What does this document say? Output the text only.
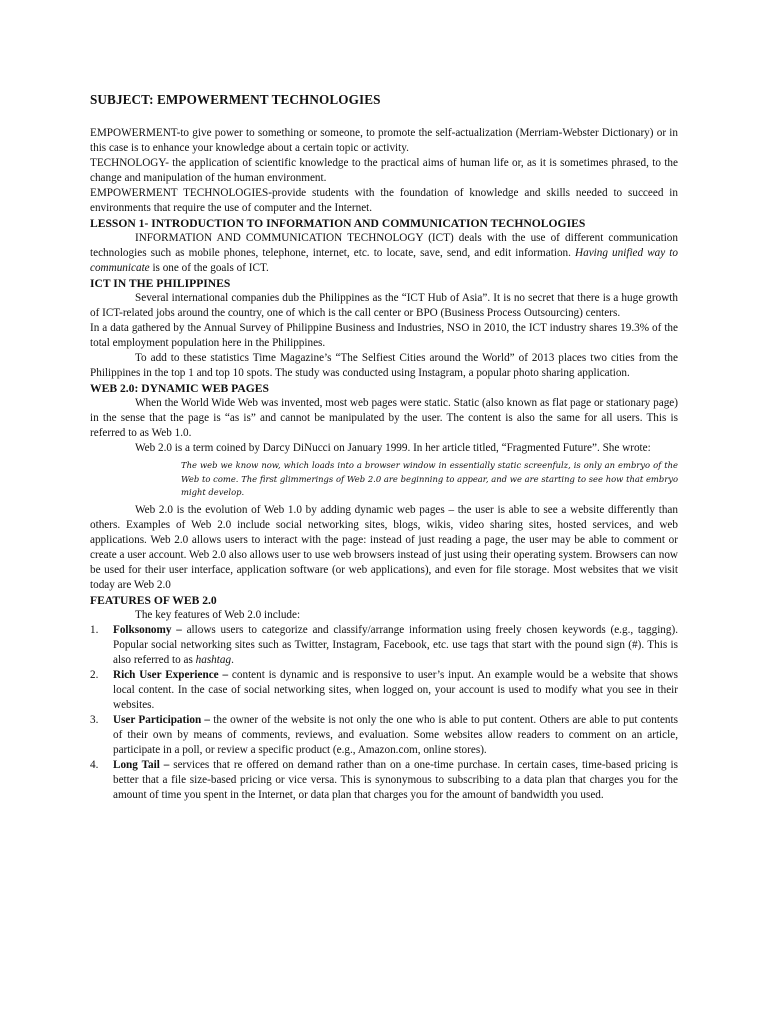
SUBJECT: EMPOWERMENT TECHNOLOGIES

EMPOWERMENT-to give power to something or someone, to promote the self-actualization (Merriam-Webster Dictionary) or in this case is to enhance your knowledge about a certain topic or activity.

TECHNOLOGY- the application of scientific knowledge to the practical aims of human life or, as it is sometimes phrased, to the change and manipulation of the human environment.

EMPOWERMENT TECHNOLOGIES-provide students with the foundation of knowledge and skills needed to succeed in environments that require the use of computer and the Internet.

LESSON 1- INTRODUCTION TO INFORMATION AND COMMUNICATION TECHNOLOGIES

INFORMATION AND COMMUNICATION TECHNOLOGY (ICT) deals with the use of different communication technologies such as mobile phones, telephone, internet, etc. to locate, save, send, and edit information. Having unified way to communicate is one of the goals of ICT.

ICT IN THE PHILIPPINES

Several international companies dub the Philippines as the “ICT Hub of Asia”. It is no secret that there is a huge growth of ICT-related jobs around the country, one of which is the call center or BPO (Business Process Outsourcing) centers.

In a data gathered by the Annual Survey of Philippine Business and Industries, NSO in 2010, the ICT industry shares 19.3% of the total employment population here in the Philippines.

To add to these statistics Time Magazine’s “The Selfiest Cities around the World” of 2013 places two cities from the Philippines in the top 1 and top 10 spots. The study was conducted using Instagram, a popular photo sharing application.

WEB 2.0: DYNAMIC WEB PAGES

When the World Wide Web was invented, most web pages were static. Static (also known as flat page or stationary page) in the sense that the page is “as is” and cannot be manipulated by the user. The content is also the same for all users. This is referred to as Web 1.0.

Web 2.0 is a term coined by Darcy DiNucci on January 1999. In her article titled, “Fragmented Future”. She wrote:

The web we know now, which loads into a browser window in essentially static screenfulz, is only an embryo of the Web to come. The first glimmerings of Web 2.0 are beginning to appear, and we are starting to see how that embryo might develop.

Web 2.0 is the evolution of Web 1.0 by adding dynamic web pages – the user is able to see a website differently than others. Examples of Web 2.0 include social networking sites, blogs, wikis, video sharing sites, hosted services, and web applications. Web 2.0 allows users to interact with the page: instead of just reading a page, the user may be able to comment or create a user account. Web 2.0 also allows user to use web browsers instead of just using their operating system. Browsers can now be used for their user interface, application software (or web applications), and even for file storage. Most websites that we visit today are Web 2.0

FEATURES OF WEB 2.0
The key features of Web 2.0 include:
1. Folksonomy – allows users to categorize and classify/arrange information using freely chosen keywords (e.g., tagging). Popular social networking sites such as Twitter, Instagram, Facebook, etc. use tags that start with the pound sign (#). This is also referred to as hashtag.
2. Rich User Experience – content is dynamic and is responsive to user’s input. An example would be a website that shows local content. In the case of social networking sites, when logged on, your account is used to modify what you see in their websites.
3. User Participation – the owner of the website is not only the one who is able to put content. Others are able to put contents of their own by means of comments, reviews, and evaluation. Some websites allow readers to comment on an article, participate in a poll, or review a specific product (e.g., Amazon.com, online stores).
4. Long Tail – services that re offered on demand rather than on a one-time purchase. In certain cases, time-based pricing is better that a file size-based pricing or vice versa. This is synonymous to subscribing to a data plan that charges you for the amount of time you spent in the Internet, or data plan that charges you for the amount of bandwidth you used.
